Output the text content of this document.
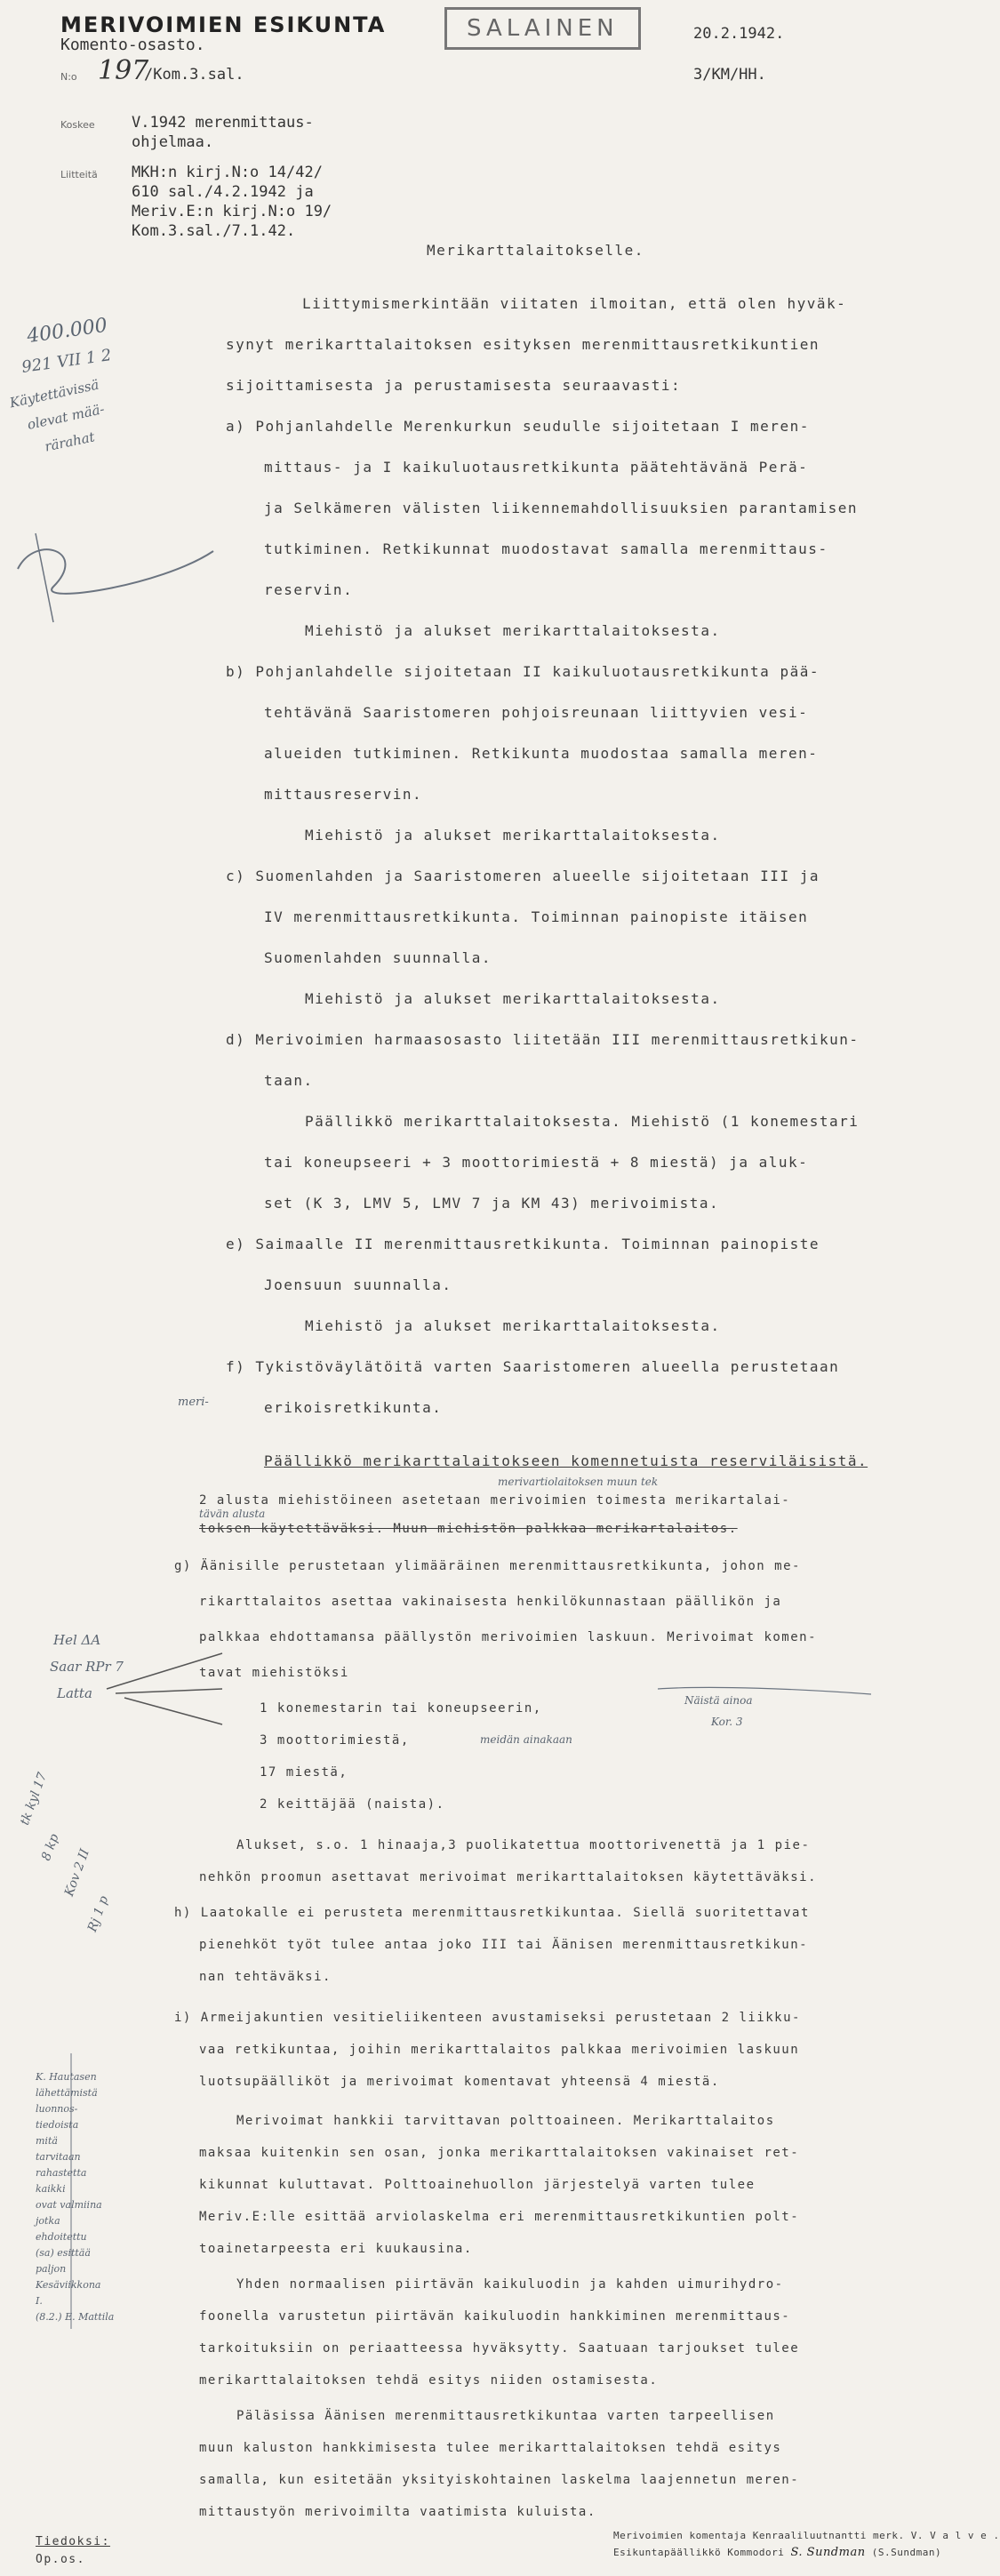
MERIVOIMIEN ESIKUNTA
Komento-osasto.
SALAINEN	20.2.1942.
3/KM/HH.
N:o 197
/Kom.3.sal.
Koskee V.1942 merenmittaus-
ohjelmaa.
Liitteitä MKH:n kirj.N:o 14/42/
610 sal./4.2.1942 ja
Meriv.E:n kirj.N:o 19/
Kom.3.sal./7.1.42.
Merikarttalaitokselle.
Liittymismerkintään viitaten ilmoitan, että olen hyväk-
synyt merikarttalaitoksen esityksen merenmittausretkikuntien
sijoittamisesta ja perustamisesta seuraavasti:
a) Pohjanlahdelle Merenkurkun seudulle sijoitetaan I meren-
mittaus- ja I kaikuluotausretkikunta päätehtävänä Perä-
ja Selkämeren välisten liikennemahdollisuuksien parantamisen
tutkiminen. Retkikunnat muodostavat samalla merenmittaus-
reservin.
Miehistö ja alukset merikarttalaitoksesta.
b) Pohjanlahdelle sijoitetaan II kaikuluotausretkikunta pää-
tehtävänä Saaristomeren pohjoisreunaan liittyvien vesi-
alueiden tutkiminen. Retkikunta muodostaa samalla meren-
mittausreservin.
Miehistö ja alukset merikarttalaitoksesta.
c) Suomenlahden ja Saaristomeren alueelle sijoitetaan III ja
IV merenmittausretkikunta. Toiminnan painopiste itäisen
Suomenlahden suunnalla.
Miehistö ja alukset merikarttalaitoksesta.
d) Merivoimien harmaasosasto liitetään III merenmittausretkikun-
taan.
Päällikkö merikarttalaitoksesta. Miehistö (1 konemestari
tai koneupseeri + 3 moottorimiestä + 8 miestä) ja aluk-
set (K 3, LMV 5, LMV 7 ja KM 43) merivoimista.
e) Saimaalle II merenmittausretkikunta. Toiminnan painopiste
Joensuun suunnalla.
Miehistö ja alukset merikarttalaitoksesta.
f) Tykistöväylätöitä varten Saaristomeren alueella perustetaan
erikoisretkikunta.
Päällikkö merikarttalaitokseen komennetuista reserviläisistä.
2 alusta miehistöineen asetetaan merivoimien toimesta merikartalai-
toksen käytettäväksi. Muun miehistön palkkaa merikartalaitos.
g) Äänisille perustetaan ylimääräinen merenmittausretkikunta, johon me-
rikarttalaitos asettaa vakinaisesta henkilökunnastaan päällikön ja
palkkaa ehdottamansa päällystön merivoimien laskuun. Merivoimat komen-
tavat miehistöksi
1 konemestarin tai koneupseerin,
3 moottorimiestä,
17 miestä,
2 keittäjää (naista).
Alukset, s.o. 1 hinaaja,3 puolikatettua moottorivenettä ja 1 pie-
nehkön proomun asettavat merivoimat merikarttalaitoksen käytettäväksi.
h) Laatokalle ei perusteta merenmittausretkikuntaa. Siellä suoritettavat
pienehköt työt tulee antaa joko III tai Äänisen merenmittausretkikun-
nan tehtäväksi.
i) Armeijakuntien vesitieliikenteen avustamiseksi perustetaan 2 liikku-
vaa retkikuntaa, joihin merikarttalaitos palkkaa merivoimien laskuun
luotsupäälliköt ja merivoimat komentavat yhteensä 4 miestä.
Merivoimat hankkii tarvittavan polttoaineen. Merikarttalaitos
maksaa kuitenkin sen osan, jonka merikarttalaitoksen vakinaiset ret-
kikunnat kuluttavat. Polttoainehuollon järjestelyä varten tulee
Meriv.E:lle esittää arviolaskelma eri merenmittausretkikuntien polt-
toainetarpeesta eri kuukausina.
Yhden normaalisen piirtävän kaikuluodin ja kahden uimurihydro-
foonella varustetun piirtävän kaikuluodin hankkiminen merenmittaus-
tarkoituksiin on periaatteessa hyväksytty. Saatuaan tarjoukset tulee
merikarttalaitoksen tehdä esitys niiden ostamisesta.
Päläsissa Äänisen merenmittausretkikuntaa varten tarpeellisen
muun kaluston hankkimisesta tulee merikarttalaitoksen tehdä esitys
samalla, kun esitetään yksityiskohtainen laskelma laajennetun meren-
mittaustyön merivoimilta vaatimista kuluista.
Merivoimien komentaja Kenraaliluutnantti merk. V. V a l v e .
Esikuntapäällikkö Kommodori S. Sundman (S.Sundman)
Tiedoksi:
Op.os.
400.000
921 VII 1 2
Käytettävissä
olevat mää-
rärahat
Hel ΔA
Saar RPr 7
Latta
tk kyl 17
8 kp Kov 2 II
Rj 1 p
K. Hautasen
lähettämistä
luonnos-
tiedoista
mitä
tarvitaan
rahastetta
kaikki
ovat valmiina
jotka
ehdoitettu
(sa) esittää
paljon
Kesäviikkona
I.
(8.2.) E. Mattila
meri-
merivartiolaitoksen muun tek
tävän alusta
Näistä ainoa
Kor. 3
meidän ainakaan
